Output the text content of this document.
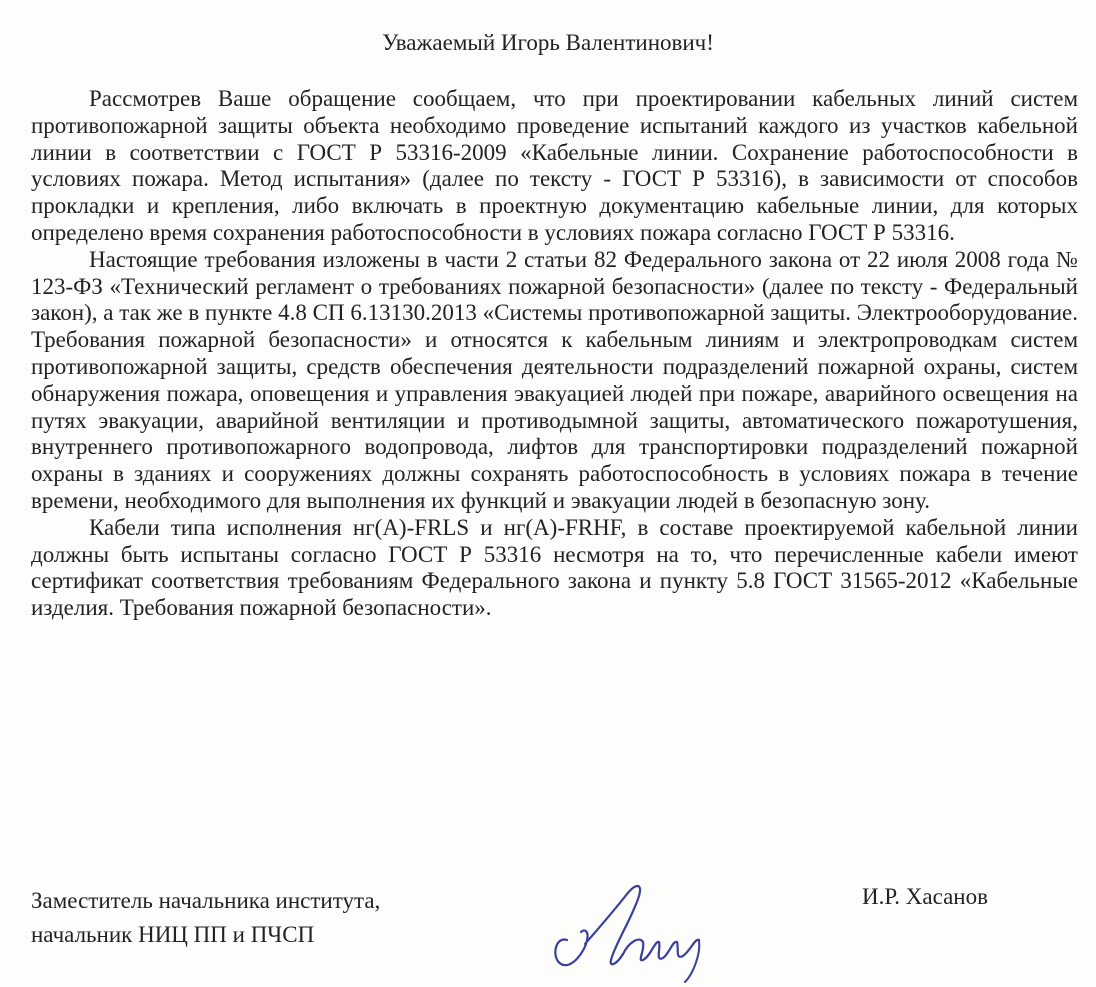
Уважаемый Игорь Валентинович!

Рассмотрев Ваше обращение сообщаем, что при проектировании кабельных линий систем противопожарной защиты объекта необходимо проведение испытаний каждого из участков кабельной линии в соответствии с ГОСТ Р 53316-2009 «Кабельные линии. Сохранение работоспособности в условиях пожара. Метод испытания» (далее по тексту - ГОСТ Р 53316), в зависимости от способов прокладки и крепления, либо включать в проектную документацию кабельные линии, для которых определено время сохранения работоспособности в условиях пожара согласно ГОСТ Р 53316.

Настоящие требования изложены в части 2 статьи 82 Федерального закона от 22 июля 2008 года № 123-ФЗ «Технический регламент о требованиях пожарной безопасности» (далее по тексту - Федеральный закон), а так же в пункте 4.8 СП 6.13130.2013 «Системы противопожарной защиты. Электрооборудование. Требования пожарной безопасности» и относятся к кабельным линиям и электропроводкам систем противопожарной защиты, средств обеспечения деятельности подразделений пожарной охраны, систем обнаружения пожара, оповещения и управления эвакуацией людей при пожаре, аварийного освещения на путях эвакуации, аварийной вентиляции и противодымной защиты, автоматического пожаротушения, внутреннего противопожарного водопровода, лифтов для транспортировки подразделений пожарной охраны в зданиях и сооружениях должны сохранять работоспособность в условиях пожара в течение времени, необходимого для выполнения их функций и эвакуации людей в безопасную зону.

Кабели типа исполнения нг(А)-FRLS и нг(А)-FRHF, в составе проектируемой кабельной линии должны быть испытаны согласно ГОСТ Р 53316 несмотря на то, что перечисленные кабели имеют сертификат соответствия требованиям Федерального закона и пункту 5.8 ГОСТ 31565-2012 «Кабельные изделия. Требования пожарной безопасности».

Заместитель начальника института,
начальник НИЦ ПП и ПЧСП
И.Р. Хасанов
